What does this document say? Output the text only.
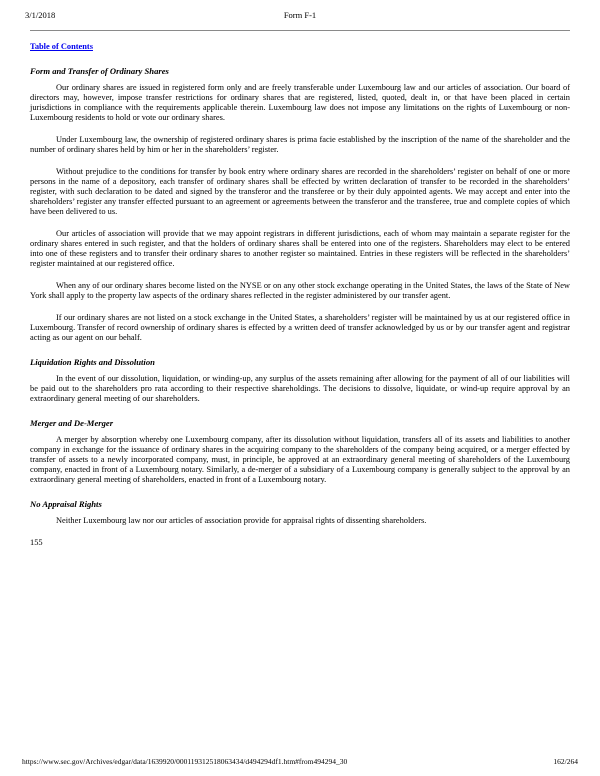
3/1/2018	Form F-1
Table of Contents
Form and Transfer of Ordinary Shares

Our ordinary shares are issued in registered form only and are freely transferable under Luxembourg law and our articles of association. Our board of directors may, however, impose transfer restrictions for ordinary shares that are registered, listed, quoted, dealt in, or that have been placed in certain jurisdictions in compliance with the requirements applicable therein. Luxembourg law does not impose any limitations on the rights of Luxembourg or non-Luxembourg residents to hold or vote our ordinary shares.

Under Luxembourg law, the ownership of registered ordinary shares is prima facie established by the inscription of the name of the shareholder and the number of ordinary shares held by him or her in the shareholders’ register.

Without prejudice to the conditions for transfer by book entry where ordinary shares are recorded in the shareholders’ register on behalf of one or more persons in the name of a depository, each transfer of ordinary shares shall be effected by written declaration of transfer to be recorded in the shareholders’ register, with such declaration to be dated and signed by the transferor and the transferee or by their duly appointed agents. We may accept and enter into the shareholders’ register any transfer effected pursuant to an agreement or agreements between the transferor and the transferee, true and complete copies of which have been delivered to us.

Our articles of association will provide that we may appoint registrars in different jurisdictions, each of whom may maintain a separate register for the ordinary shares entered in such register, and that the holders of ordinary shares shall be entered into one of the registers. Shareholders may elect to be entered into one of these registers and to transfer their ordinary shares to another register so maintained. Entries in these registers will be reflected in the shareholders’ register maintained at our registered office.

When any of our ordinary shares become listed on the NYSE or on any other stock exchange operating in the United States, the laws of the State of New York shall apply to the property law aspects of the ordinary shares reflected in the register administered by our transfer agent.

If our ordinary shares are not listed on a stock exchange in the United States, a shareholders’ register will be maintained by us at our registered office in Luxembourg. Transfer of record ownership of ordinary shares is effected by a written deed of transfer acknowledged by us or by our transfer agent and registrar acting as our agent on our behalf.

Liquidation Rights and Dissolution

In the event of our dissolution, liquidation, or winding-up, any surplus of the assets remaining after allowing for the payment of all of our liabilities will be paid out to the shareholders pro rata according to their respective shareholdings. The decisions to dissolve, liquidate, or wind-up require approval by an extraordinary general meeting of our shareholders.

Merger and De-Merger

A merger by absorption whereby one Luxembourg company, after its dissolution without liquidation, transfers all of its assets and liabilities to another company in exchange for the issuance of ordinary shares in the acquiring company to the shareholders of the company being acquired, or a merger effected by transfer of assets to a newly incorporated company, must, in principle, be approved at an extraordinary general meeting of shareholders of the Luxembourg company, enacted in front of a Luxembourg notary. Similarly, a de-merger of a subsidiary of a Luxembourg company is generally subject to the approval by an extraordinary general meeting of shareholders, enacted in front of a Luxembourg notary.

No Appraisal Rights

Neither Luxembourg law nor our articles of association provide for appraisal rights of dissenting shareholders.

155

https://www.sec.gov/Archives/edgar/data/1639920/000119312518063434/d494294df1.htm#from494294_30	162/264
